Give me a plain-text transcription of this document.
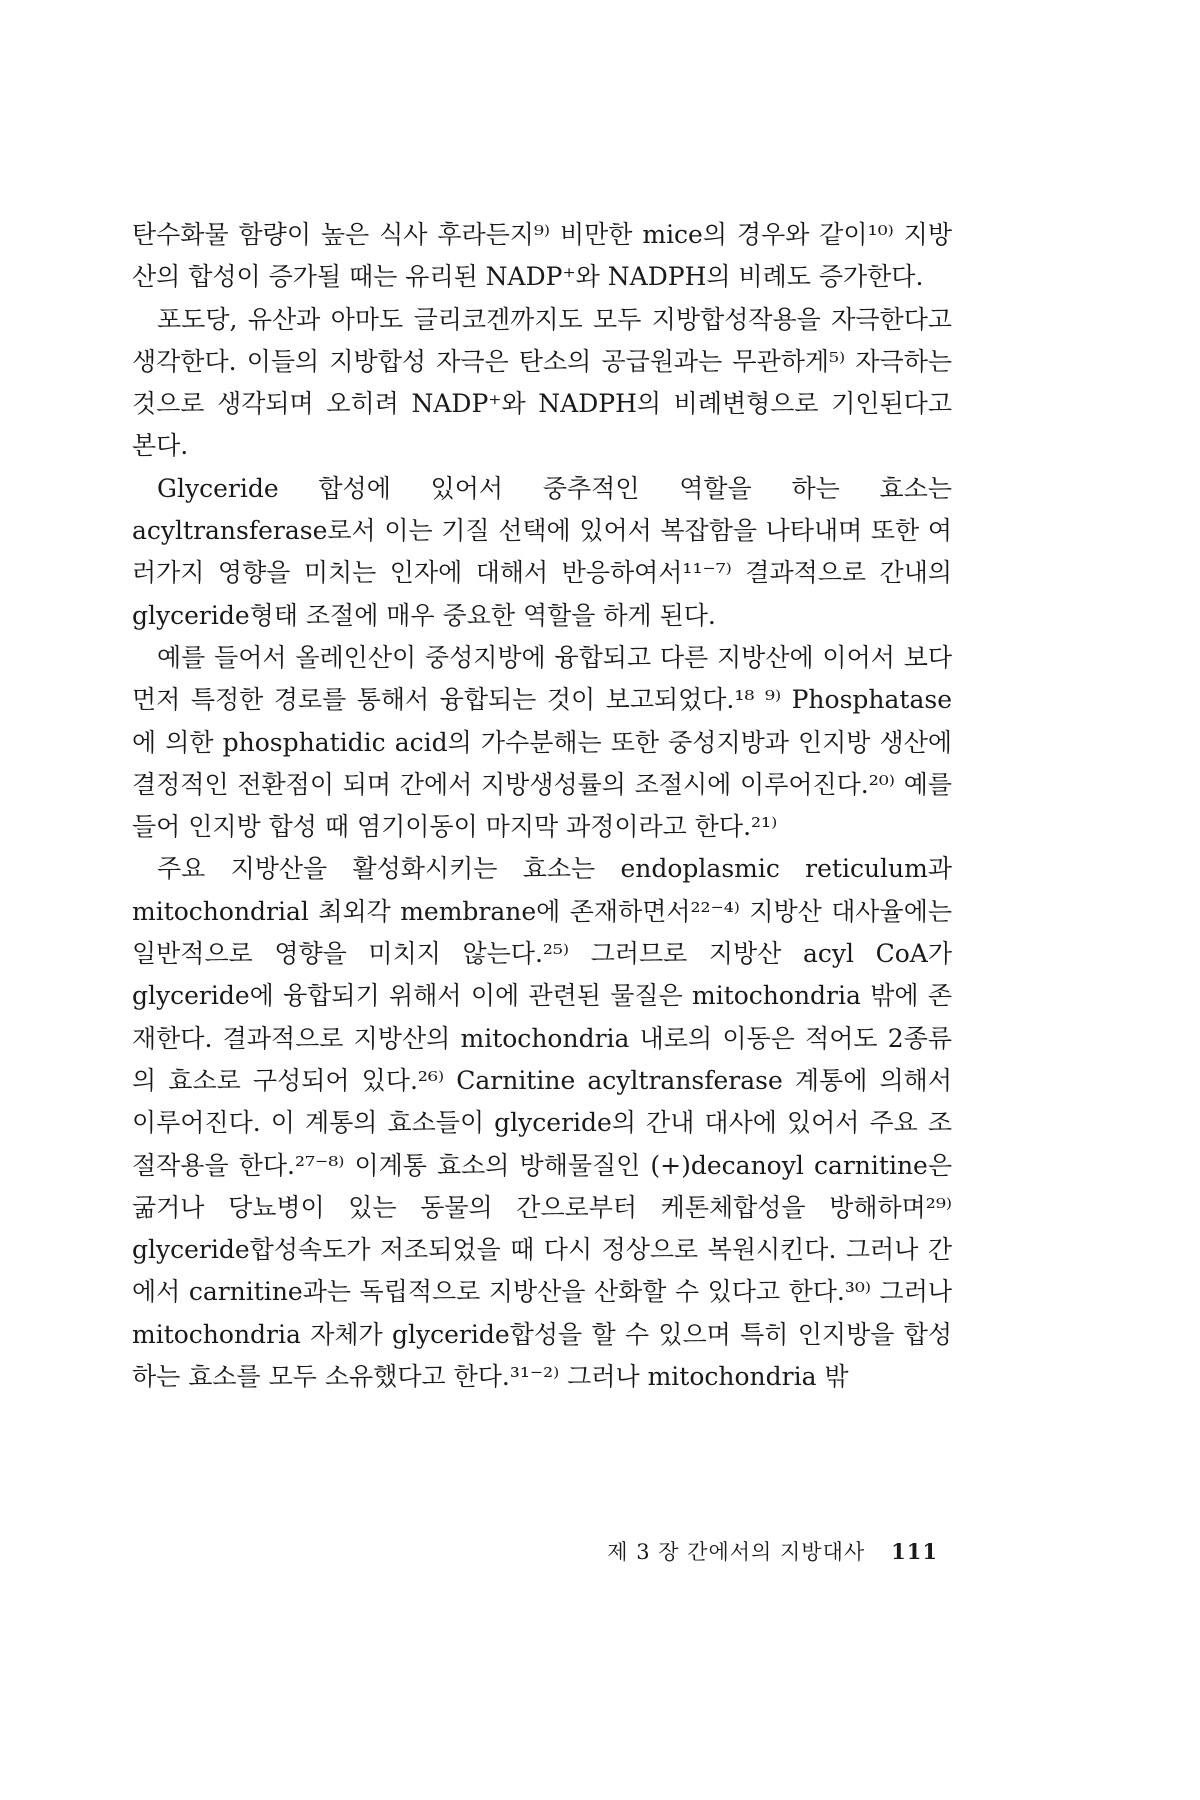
탄수화물 함량이 높은 식사 후라든지⁹⁾ 비만한 mice의 경우와 같이¹⁰⁾ 지방산의 합성이 증가될 때는 유리된 NADP⁺와 NADPH의 비례도 증가한다.

포도당, 유산과 아마도 글리코겐까지도 모두 지방합성작용을 자극한다고 생각한다. 이들의 지방합성 자극은 탄소의 공급원과는 무관하게⁵⁾ 자극하는 것으로 생각되며 오히려 NADP⁺와 NADPH의 비례변형으로 기인된다고 본다.

Glyceride 합성에 있어서 중추적인 역할을 하는 효소는 acyltransferase로서 이는 기질 선택에 있어서 복잡함을 나타내며 또한 여러가지 영향을 미치는 인자에 대해서 반응하여서¹¹⁻⁷⁾ 결과적으로 간내의 glyceride형태 조절에 매우 중요한 역할을 하게 된다.

예를 들어서 올레인산이 중성지방에 융합되고 다른 지방산에 이어서 보다 먼저 특정한 경로를 통해서 융합되는 것이 보고되었다.¹⁸ ⁹⁾ Phosphatase에 의한 phosphatidic acid의 가수분해는 또한 중성지방과 인지방 생산에 결정적인 전환점이 되며 간에서 지방생성률의 조절시에 이루어진다.²⁰⁾ 예를 들어 인지방 합성 때 염기이동이 마지막 과정이라고 한다.²¹⁾

주요 지방산을 활성화시키는 효소는 endoplasmic reticulum과 mitochondrial 최외각 membrane에 존재하면서²²⁻⁴⁾ 지방산 대사율에는 일반적으로 영향을 미치지 않는다.²⁵⁾ 그러므로 지방산 acyl CoA가 glyceride에 융합되기 위해서 이에 관련된 물질은 mitochondria 밖에 존재한다. 결과적으로 지방산의 mitochondria 내로의 이동은 적어도 2종류의 효소로 구성되어 있다.²⁶⁾ Carnitine acyltransferase 계통에 의해서 이루어진다. 이 계통의 효소들이 glyceride의 간내 대사에 있어서 주요 조절작용을 한다.²⁷⁻⁸⁾ 이계통 효소의 방해물질인 (+)decanoyl carnitine은 굶거나 당뇨병이 있는 동물의 간으로부터 케톤체합성을 방해하며²⁹⁾ glyceride합성속도가 저조되었을 때 다시 정상으로 복원시킨다. 그러나 간에서 carnitine과는 독립적으로 지방산을 산화할 수 있다고 한다.³⁰⁾ 그러나 mitochondria 자체가 glyceride합성을 할 수 있으며 특히 인지방을 합성하는 효소를 모두 소유했다고 한다.³¹⁻²⁾ 그러나 mitochondria 밖

제 3 장 간에서의 지방대사 111
